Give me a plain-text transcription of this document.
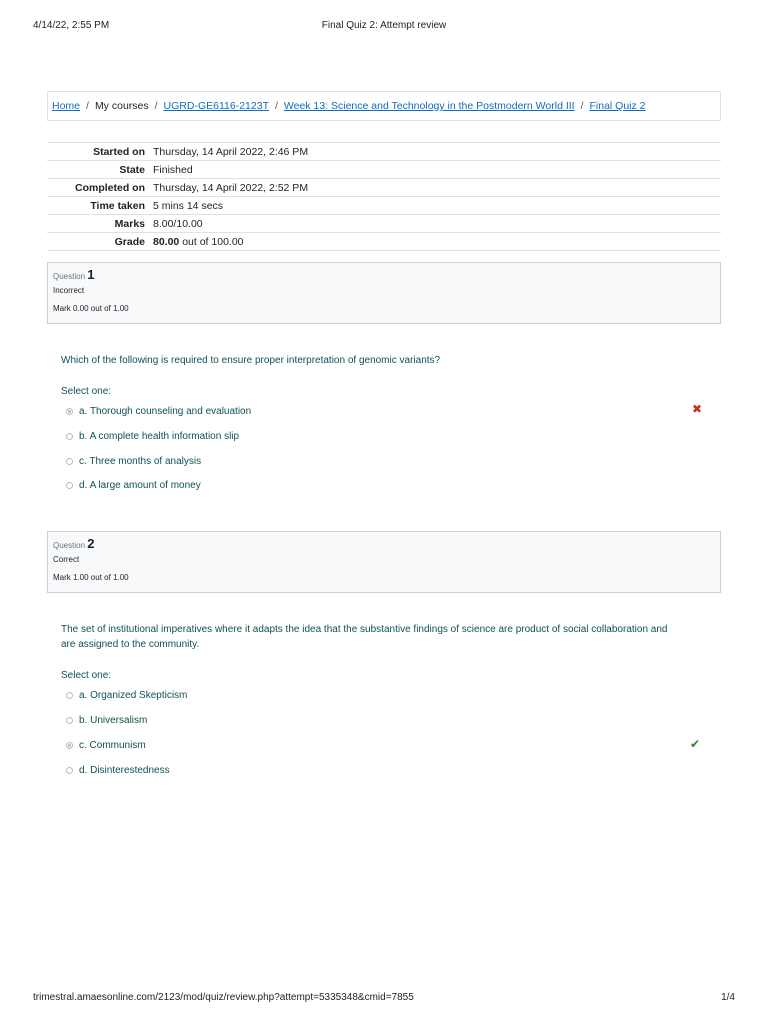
4/14/22, 2:55 PM	Final Quiz 2: Attempt review
Home / My courses / UGRD-GE6116-2123T / Week 13: Science and Technology in the Postmodern World III / Final Quiz 2
Started on	Thursday, 14 April 2022, 2:46 PM
State	Finished
Completed on	Thursday, 14 April 2022, 2:52 PM
Time taken	5 mins 14 secs
Marks	8.00/10.00
Grade	80.00 out of 100.00
Question 1
Incorrect
Mark 0.00 out of 1.00
Which of the following is required to ensure proper interpretation of genomic variants?
Select one:
a. Thorough counseling and evaluation
b. A complete health information slip
c. Three months of analysis
d. A large amount of money
✖
Question 2
Correct
Mark 1.00 out of 1.00
The set of institutional imperatives where it adapts the idea that the substantive findings of science are product of social collaboration and
are assigned to the community.
Select one:
a. Organized Skepticism
b. Universalism
c. Communism
d. Disinterestedness
✔
trimestral.amaesonline.com/2123/mod/quiz/review.php?attempt=5335348&cmid=7855	1/4
